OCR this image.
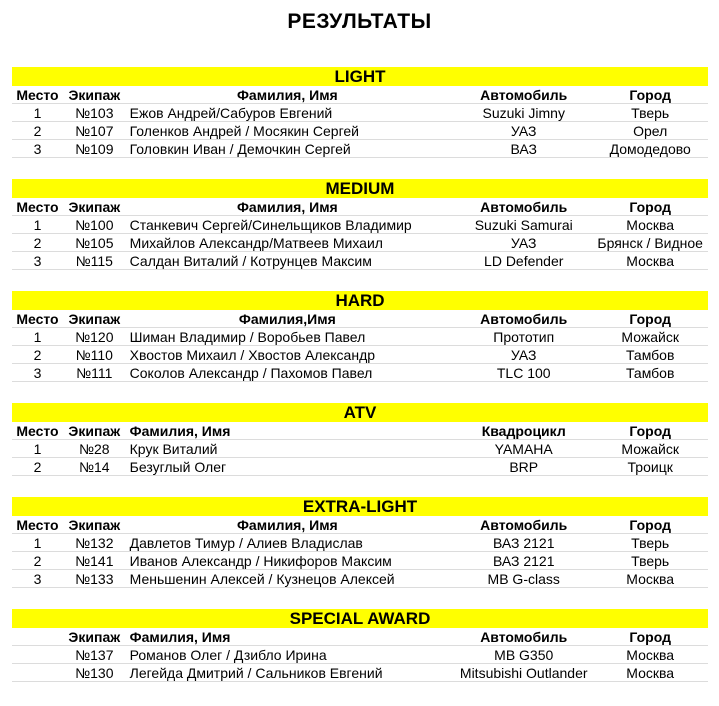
РЕЗУЛЬТАТЫ
LIGHT
Место Экипаж	Фамилия, Имя	Автомобиль	Город
1	№103	Ежов Андрей/Сабуров Евгений	Suzuki Jimny	Тверь
2	№107	Голенков Андрей / Мосякин Сергей	УАЗ	Орел
3	№109	Головкин Иван / Демочкин Сергей	ВАЗ	Домодедово
MEDIUM
Место Экипаж	Фамилия, Имя	Автомобиль	Город
1	№100	Станкевич Сергей/Синельщиков Владимир	Suzuki Samurai	Москва
2	№105	Михайлов Александр/Матвеев Михаил	УАЗ	Брянск / Видное
3	№115	Салдан Виталий / Котрунцев Максим	LD Defender	Москва
HARD
Место Экипаж	Фамилия,Имя	Автомобиль	Город
1	№120	Шиман Владимир / Воробьев Павел	Прототип	Можайск
2	№110	Хвостов Михаил / Хвостов Александр	УАЗ	Тамбов
3	№111	Соколов Александр / Пахомов Павел	TLC 100	Тамбов
ATV
Место Экипаж Фамилия, Имя	Квадроцикл	Город
1	№28	Крук Виталий	YAMAHA	Можайск
2	№14	Безуглый Олег	BRP	Троицк
EXTRA-LIGHT
Место Экипаж	Фамилия, Имя	Автомобиль	Город
1	№132	Давлетов Тимур / Алиев Владислав	ВАЗ 2121	Тверь
2	№141	Иванов Александр / Никифоров Максим	ВАЗ 2121	Тверь
3	№133	Меньшенин Алексей / Кузнецов Алексей	MB G-class	Москва
SPECIAL AWARD
Экипаж Фамилия, Имя	Автомобиль	Город
№137	Романов Олег / Дзибло Ирина	MB G350	Москва
№130	Легейда Дмитрий / Сальников Евгений	Mitsubishi Outlander	Москва
